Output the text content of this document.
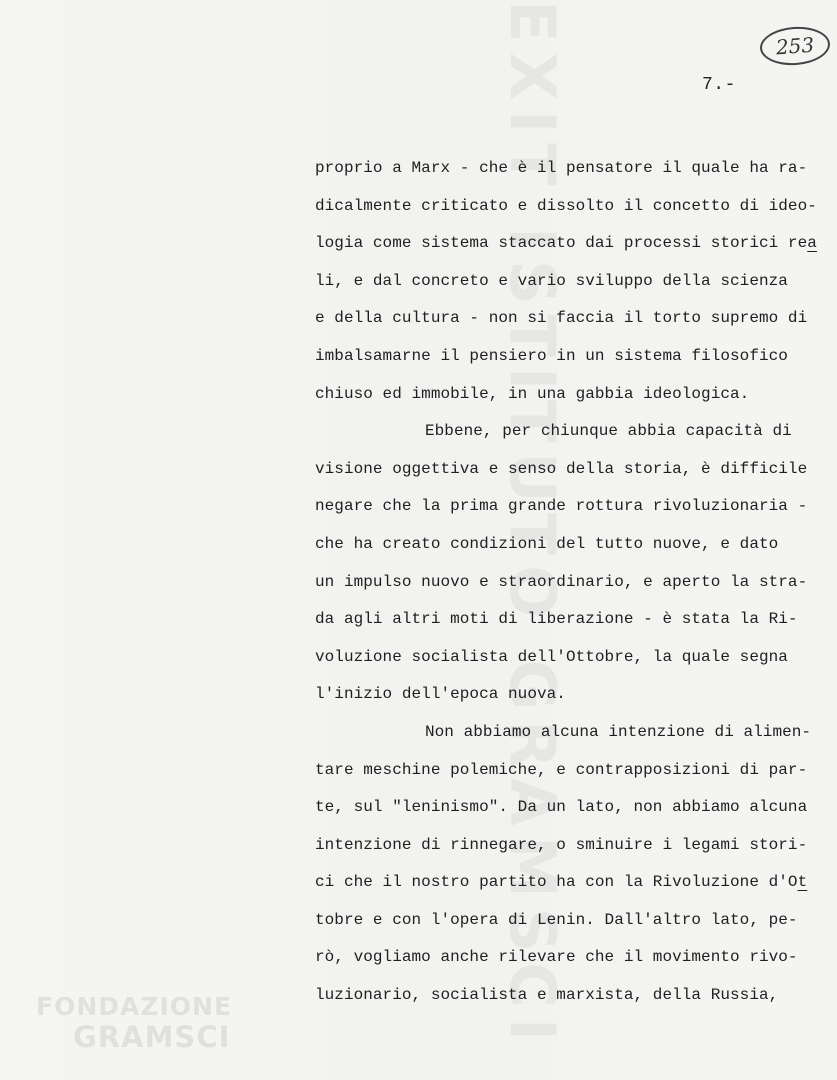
EXIT ISTITUTO GRAMSCI	253
7.-
proprio a Marx - che è il pensatore il quale ha ra-
dicalmente criticato e dissolto il concetto di ideo-
logia come sistema staccato dai processi storici rea
li, e dal concreto e vario sviluppo della scienza
e della cultura - non si faccia il torto supremo di
imbalsamarne il pensiero in un sistema filosofico
chiuso ed immobile, in una gabbia ideologica.
Ebbene, per chiunque abbia capacità di
visione oggettiva e senso della storia, è difficile
negare che la prima grande rottura rivoluzionaria -
che ha creato condizioni del tutto nuove, e dato
un impulso nuovo e straordinario, e aperto la stra-
da agli altri moti di liberazione - è stata la Ri-
voluzione socialista dell'Ottobre, la quale segna
l'inizio dell'epoca nuova.
Non abbiamo alcuna intenzione di alimen-
tare meschine polemiche, e contrapposizioni di par-
te, sul "leninismo". Da un lato, non abbiamo alcuna
intenzione di rinnegare, o sminuire i legami stori-
ci che il nostro partito ha con la Rivoluzione d'Ot
tobre e con l'opera di Lenin. Dall'altro lato, pe-
rò, vogliamo anche rilevare che il movimento rivo-
luzionario, socialista e marxista, della Russia,
FONDAZIONE
GRAMSCI
